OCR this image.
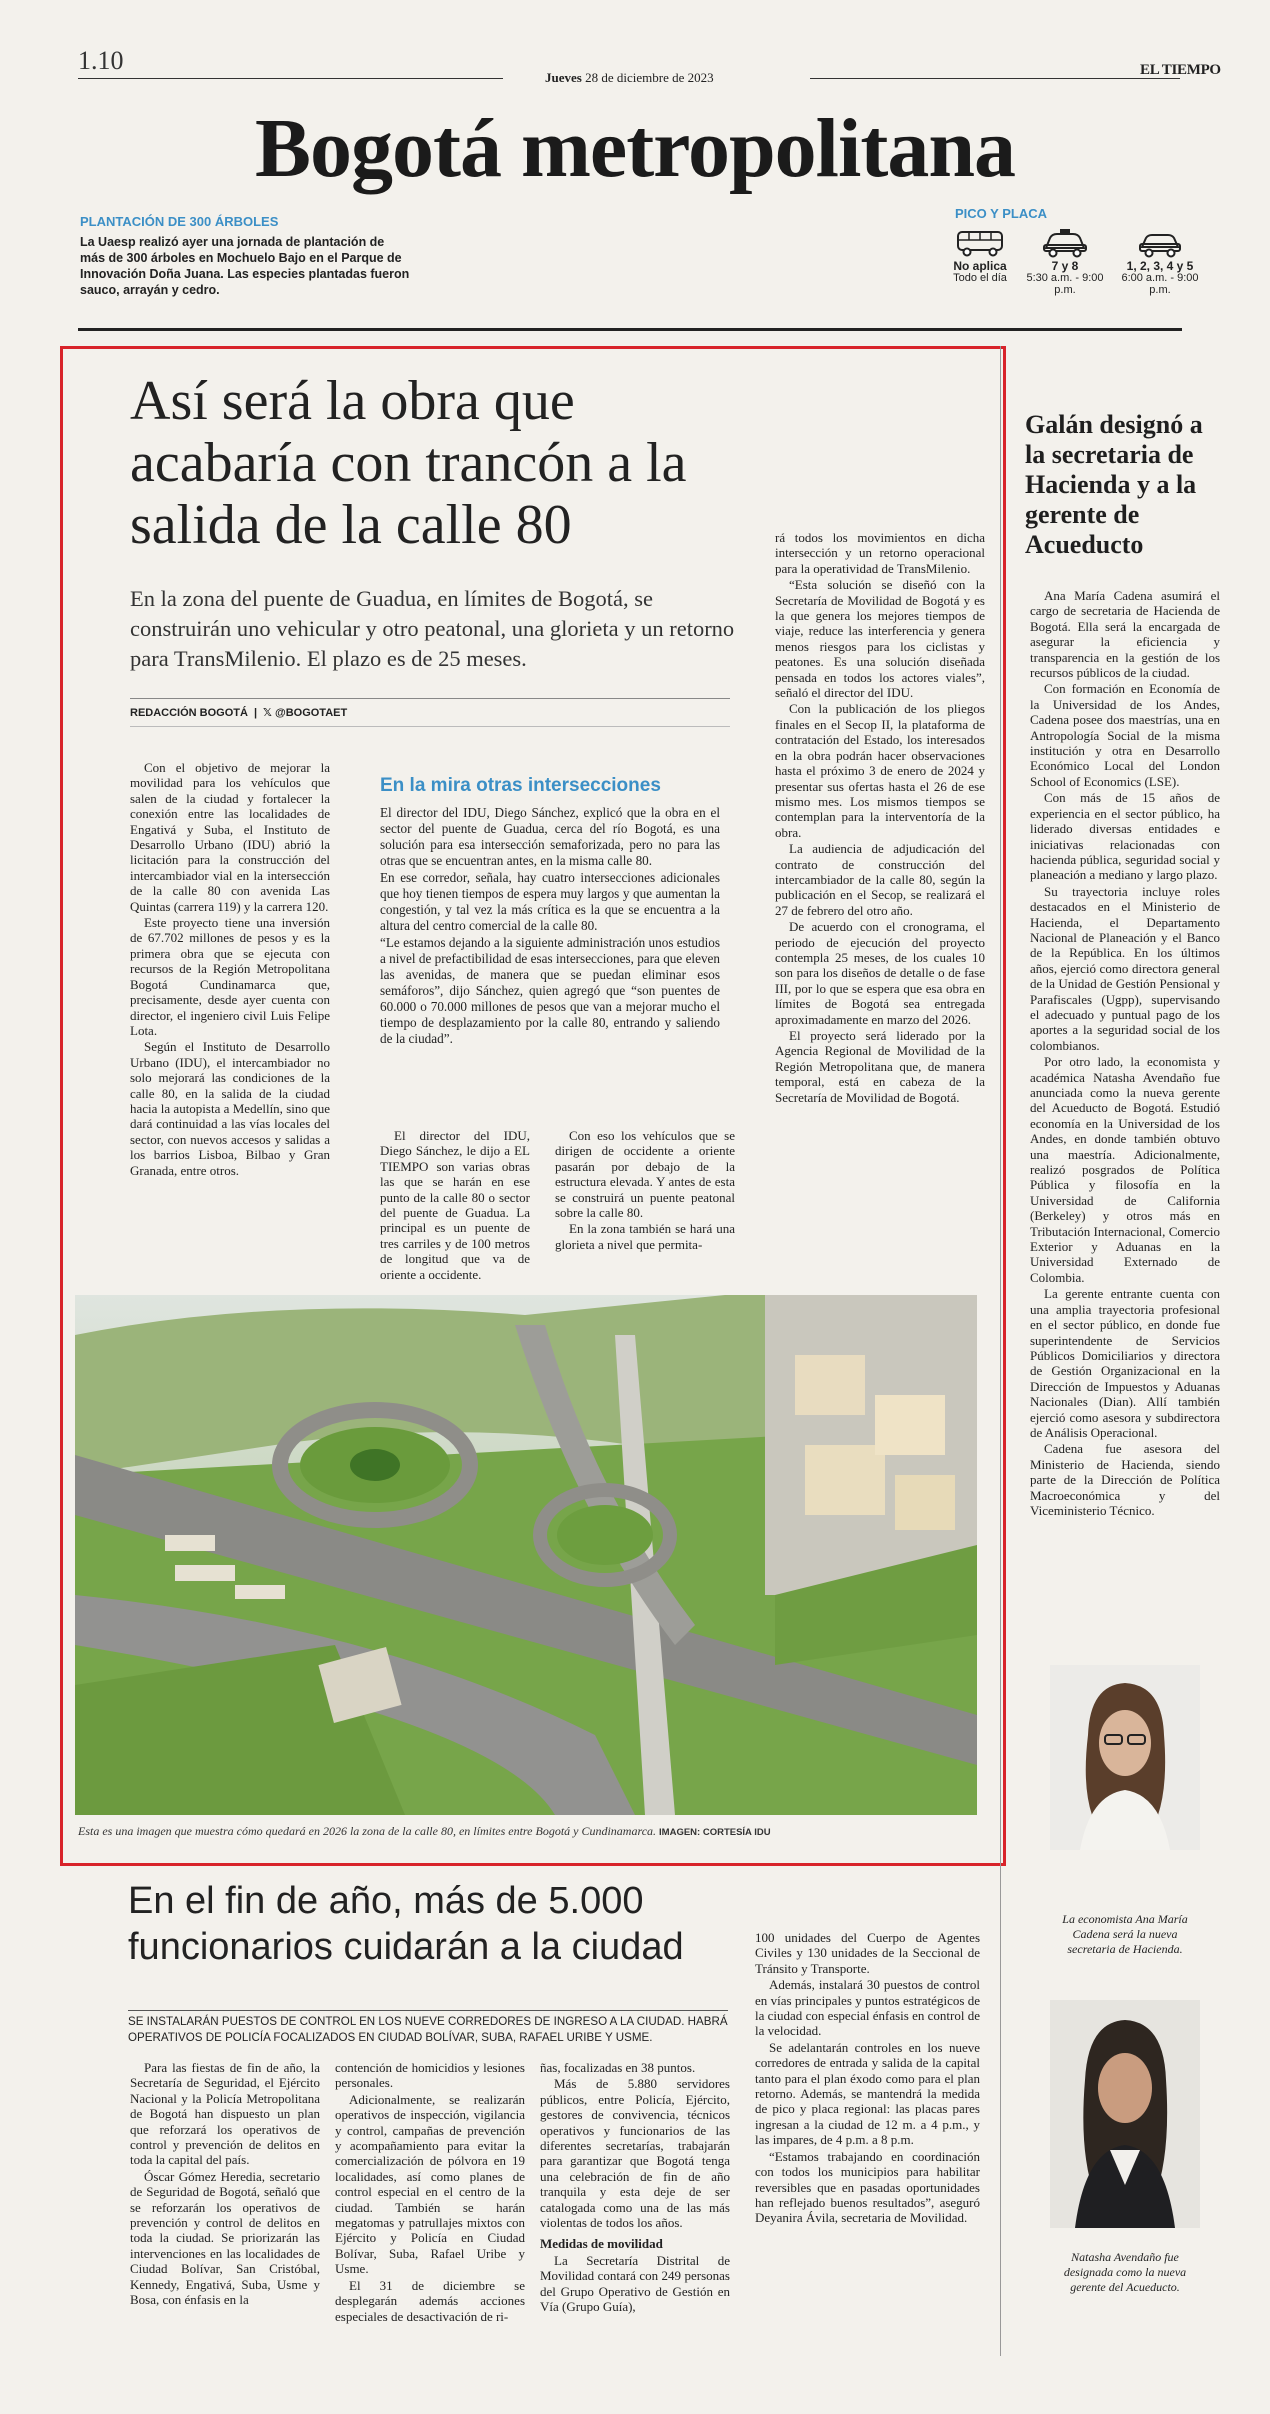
1.10
Jueves 28 de diciembre de 2023	EL TIEMPO
Bogotá metropolitana
PLANTACIÓN DE 300 ÁRBOLES
La Uaesp realizó ayer una jornada de plantación de más de 300 árboles en Mochuelo Bajo en el Parque de Innovación Doña Juana. Las especies plantadas fueron sauco, arrayán y cedro.
PICO Y PLACA
No aplica
Todo el día
7 y 8
5:30 a.m. - 9:00 p.m.
1, 2, 3, 4 y 5
6:00 a.m. - 9:00 p.m.
Así será la obra que acabaría con trancón a la salida de la calle 80
En la zona del puente de Guadua, en límites de Bogotá, se construirán uno vehicular y otro peatonal, una glorieta y un retorno para TransMilenio. El plazo es de 25 meses.
REDACCIÓN BOGOTÁ | 𝕏 @BOGOTAET

Con el objetivo de mejorar la movilidad para los vehículos que salen de la ciudad y fortalecer la conexión entre las localidades de Engativá y Suba, el Instituto de Desarrollo Urbano (IDU) abrió la licitación para la construcción del intercambiador vial en la intersección de la calle 80 con avenida Las Quintas (carrera 119) y la carrera 120.

Este proyecto tiene una inversión de 67.702 millones de pesos y es la primera obra que se ejecuta con recursos de la Región Metropolitana Bogotá Cundinamarca que, precisamente, desde ayer cuenta con director, el ingeniero civil Luis Felipe Lota.

Según el Instituto de Desarrollo Urbano (IDU), el intercambiador no solo mejorará las condiciones de la calle 80, en la salida de la ciudad hacia la autopista a Medellín, sino que dará continuidad a las vías locales del sector, con nuevos accesos y salidas a los barrios Lisboa, Bilbao y Gran Granada, entre otros.

En la mira otras intersecciones

El director del IDU, Diego Sánchez, explicó que la obra en el sector del puente de Guadua, cerca del río Bogotá, es una solución para esa intersección semaforizada, pero no para las otras que se encuentran antes, en la misma calle 80.

En ese corredor, señala, hay cuatro intersecciones adicionales que hoy tienen tiempos de espera muy largos y que aumentan la congestión, y tal vez la más crítica es la que se encuentra a la altura del centro comercial de la calle 80.

“Le estamos dejando a la siguiente administración unos estudios a nivel de prefactibilidad de esas intersecciones, para que eleven las avenidas, de manera que se puedan eliminar esos semáforos”, dijo Sánchez, quien agregó que “son puentes de 60.000 o 70.000 millones de pesos que van a mejorar mucho el tiempo de desplazamiento por la calle 80, entrando y saliendo de la ciudad”.

El director del IDU, Diego Sánchez, le dijo a EL TIEMPO son varias obras las que se harán en ese punto de la calle 80 o sector del puente de Guadua. La principal es un puente de tres carriles y de 100 metros de longitud que va de oriente a occidente.

Con eso los vehículos que se dirigen de occidente a oriente pasarán por debajo de la estructura elevada. Y antes de esta se construirá un puente peatonal sobre la calle 80.

En la zona también se hará una glorieta a nivel que permita-

rá todos los movimientos en dicha intersección y un retorno operacional para la operatividad de TransMilenio.

“Esta solución se diseñó con la Secretaría de Movilidad de Bogotá y es la que genera los mejores tiempos de viaje, reduce las interferencia y genera menos riesgos para los ciclistas y peatones. Es una solución diseñada pensada en todos los actores viales”, señaló el director del IDU.

Con la publicación de los pliegos finales en el Secop II, la plataforma de contratación del Estado, los interesados en la obra podrán hacer observaciones hasta el próximo 3 de enero de 2024 y presentar sus ofertas hasta el 26 de ese mismo mes. Los mismos tiempos se contemplan para la interventoría de la obra.

La audiencia de adjudicación del contrato de construcción del intercambiador de la calle 80, según la publicación en el Secop, se realizará el 27 de febrero del otro año.

De acuerdo con el cronograma, el periodo de ejecución del proyecto contempla 25 meses, de los cuales 10 son para los diseños de detalle o de fase III, por lo que se espera que esa obra en límites de Bogotá sea entregada aproximadamente en marzo del 2026.

El proyecto será liderado por la Agencia Regional de Movilidad de la Región Metropolitana que, de manera temporal, está en cabeza de la Secretaría de Movilidad de Bogotá.

Esta es una imagen que muestra cómo quedará en 2026 la zona de la calle 80, en límites entre Bogotá y Cundinamarca. IMAGEN: CORTESÍA IDU
En el fin de año, más de 5.000 funcionarios cuidarán a la ciudad
SE INSTALARÁN PUESTOS DE CONTROL EN LOS NUEVE CORREDORES DE INGRESO A LA CIUDAD. HABRÁ OPERATIVOS DE POLICÍA FOCALIZADOS EN CIUDAD BOLÍVAR, SUBA, RAFAEL URIBE Y USME.

Para las fiestas de fin de año, la Secretaría de Seguridad, el Ejército Nacional y la Policía Metropolitana de Bogotá han dispuesto un plan que reforzará los operativos de control y prevención de delitos en toda la capital del país.

Óscar Gómez Heredia, secretario de Seguridad de Bogotá, señaló que se reforzarán los operativos de prevención y control de delitos en toda la ciudad. Se priorizarán las intervenciones en las localidades de Ciudad Bolívar, San Cristóbal, Kennedy, Engativá, Suba, Usme y Bosa, con énfasis en la

contención de homicidios y lesiones personales.

Adicionalmente, se realizarán operativos de inspección, vigilancia y control, campañas de prevención y acompañamiento para evitar la comercialización de pólvora en 19 localidades, así como planes de control especial en el centro de la ciudad. También se harán megatomas y patrullajes mixtos con Ejército y Policía en Ciudad Bolívar, Suba, Rafael Uribe y Usme.

El 31 de diciembre se desplegarán además acciones especiales de desactivación de ri-

ñas, focalizadas en 38 puntos.

Más de 5.880 servidores públicos, entre Policía, Ejército, gestores de convivencia, técnicos operativos y funcionarios de las diferentes secretarías, trabajarán para garantizar que Bogotá tenga una celebración de fin de año tranquila y esta deje de ser catalogada como una de las más violentas de todos los años.

Medidas de movilidad

La Secretaría Distrital de Movilidad contará con 249 personas del Grupo Operativo de Gestión en Vía (Grupo Guía),

100 unidades del Cuerpo de Agentes Civiles y 130 unidades de la Seccional de Tránsito y Transporte.

Además, instalará 30 puestos de control en vías principales y puntos estratégicos de la ciudad con especial énfasis en control de la velocidad.

Se adelantarán controles en los nueve corredores de entrada y salida de la capital tanto para el plan éxodo como para el plan retorno. Además, se mantendrá la medida de pico y placa regional: las placas pares ingresan a la ciudad de 12 m. a 4 p.m., y las impares, de 4 p.m. a 8 p.m.

“Estamos trabajando en coordinación con todos los municipios para habilitar reversibles que en pasadas oportunidades han reflejado buenos resultados”, aseguró Deyanira Ávila, secretaria de Movilidad.

Galán designó a la secretaria de Hacienda y a la gerente de Acueducto

Ana María Cadena asumirá el cargo de secretaria de Hacienda de Bogotá. Ella será la encargada de asegurar la eficiencia y transparencia en la gestión de los recursos públicos de la ciudad.

Con formación en Economía de la Universidad de los Andes, Cadena posee dos maestrías, una en Antropología Social de la misma institución y otra en Desarrollo Económico Local del London School of Economics (LSE).

Con más de 15 años de experiencia en el sector público, ha liderado diversas entidades e iniciativas relacionadas con hacienda pública, seguridad social y planeación a mediano y largo plazo.

Su trayectoria incluye roles destacados en el Ministerio de Hacienda, el Departamento Nacional de Planeación y el Banco de la República. En los últimos años, ejerció como directora general de la Unidad de Gestión Pensional y Parafiscales (Ugpp), supervisando el adecuado y puntual pago de los aportes a la seguridad social de los colombianos.

Por otro lado, la economista y académica Natasha Avendaño fue anunciada como la nueva gerente del Acueducto de Bogotá. Estudió economía en la Universidad de los Andes, en donde también obtuvo una maestría. Adicionalmente, realizó posgrados de Política Pública y filosofía en la Universidad de California (Berkeley) y otros más en Tributación Internacional, Comercio Exterior y Aduanas en la Universidad Externado de Colombia.

La gerente entrante cuenta con una amplia trayectoria profesional en el sector público, en donde fue superintendente de Servicios Públicos Domiciliarios y directora de Gestión Organizacional en la Dirección de Impuestos y Aduanas Nacionales (Dian). Allí también ejerció como asesora y subdirectora de Análisis Operacional.

Cadena fue asesora del Ministerio de Hacienda, siendo parte de la Dirección de Política Macroeconómica y del Viceministerio Técnico.

La economista Ana María Cadena será la nueva secretaria de Hacienda.
Natasha Avendaño fue designada como la nueva gerente del Acueducto.
